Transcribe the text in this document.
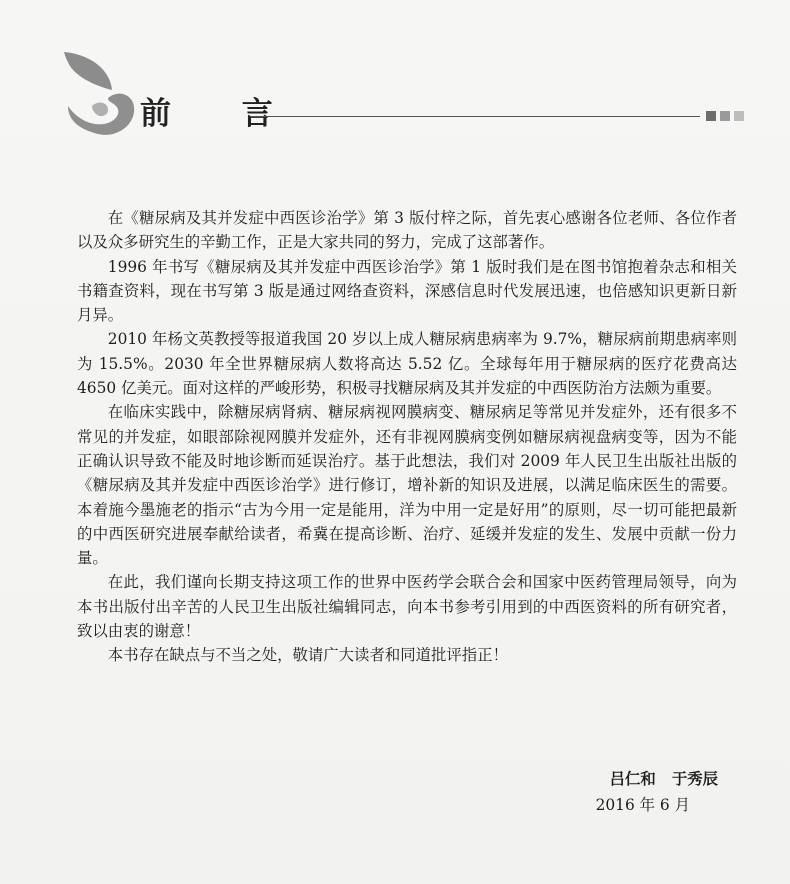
前 言

在《糖尿病及其并发症中西医诊治学》第 3 版付梓之际，首先衷心感谢各位老师、各位作者以及众多研究生的辛勤工作，正是大家共同的努力，完成了这部著作。

1996 年书写《糖尿病及其并发症中西医诊治学》第 1 版时我们是在图书馆抱着杂志和相关书籍查资料，现在书写第 3 版是通过网络查资料，深感信息时代发展迅速，也倍感知识更新日新月异。

2010 年杨文英教授等报道我国 20 岁以上成人糖尿病患病率为 9.7%，糖尿病前期患病率则为 15.5%。2030 年全世界糖尿病人数将高达 5.52 亿。全球每年用于糖尿病的医疗花费高达 4650 亿美元。面对这样的严峻形势，积极寻找糖尿病及其并发症的中西医防治方法颇为重要。

在临床实践中，除糖尿病肾病、糖尿病视网膜病变、糖尿病足等常见并发症外，还有很多不常见的并发症，如眼部除视网膜并发症外，还有非视网膜病变例如糖尿病视盘病变等，因为不能正确认识导致不能及时地诊断而延误治疗。基于此想法，我们对 2009 年人民卫生出版社出版的《糖尿病及其并发症中西医诊治学》进行修订，增补新的知识及进展，以满足临床医生的需要。本着施今墨施老的指示“古为今用一定是能用，洋为中用一定是好用”的原则，尽一切可能把最新的中西医研究进展奉献给读者，希冀在提高诊断、治疗、延缓并发症的发生、发展中贡献一份力量。

在此，我们谨向长期支持这项工作的世界中医药学会联合会和国家中医药管理局领导，向为本书出版付出辛苦的人民卫生出版社编辑同志，向本书参考引用到的中西医资料的所有研究者，致以由衷的谢意！

本书存在缺点与不当之处，敬请广大读者和同道批评指正！

吕仁和   于秀辰
2016 年 6 月
